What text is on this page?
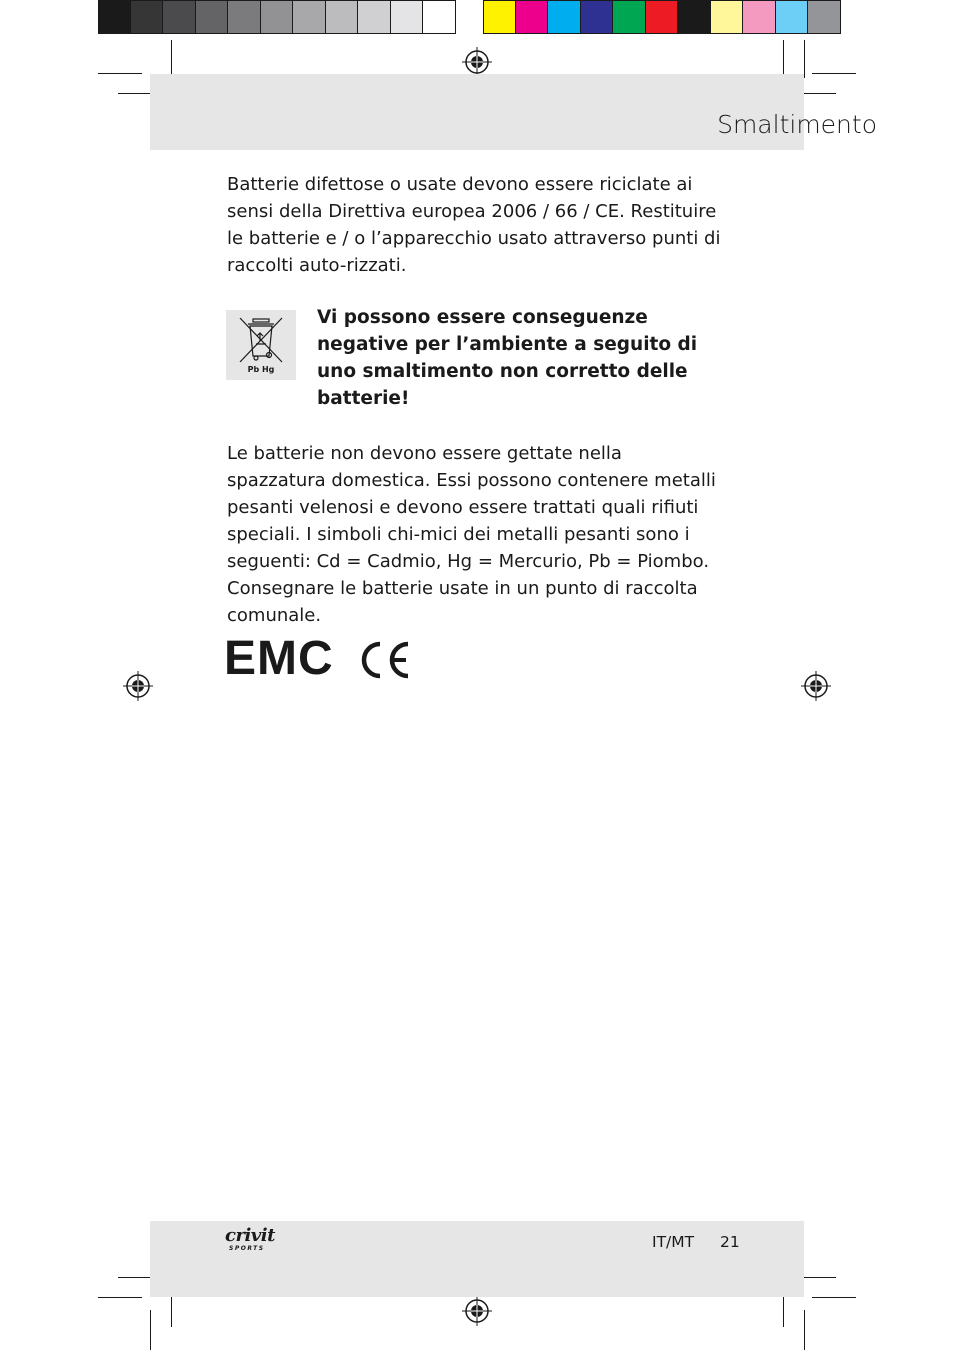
Smaltimento

Batterie difettose o usate devono essere riciclate ai sensi della Direttiva europea 2006 / 66 / CE. Restituire le batterie e / o l’apparecchio usato attraverso punti di raccolti auto-rizzati.

Pb Hg

Vi possono essere conseguenze negative per l’ambiente a seguito di uno smaltimento non corretto delle batterie!

Le batterie non devono essere gettate nella spazzatura domestica. Essi possono contenere metalli pesanti velenosi e devono essere trattati quali rifiuti speciali. I simboli chi-mici dei metalli pesanti sono i seguenti: Cd = Cadmio, Hg = Mercurio, Pb = Piombo. Consegnare le batterie usate in un punto di raccolta comunale.

EMC
crivit
SPORTS	IT/MT 21
